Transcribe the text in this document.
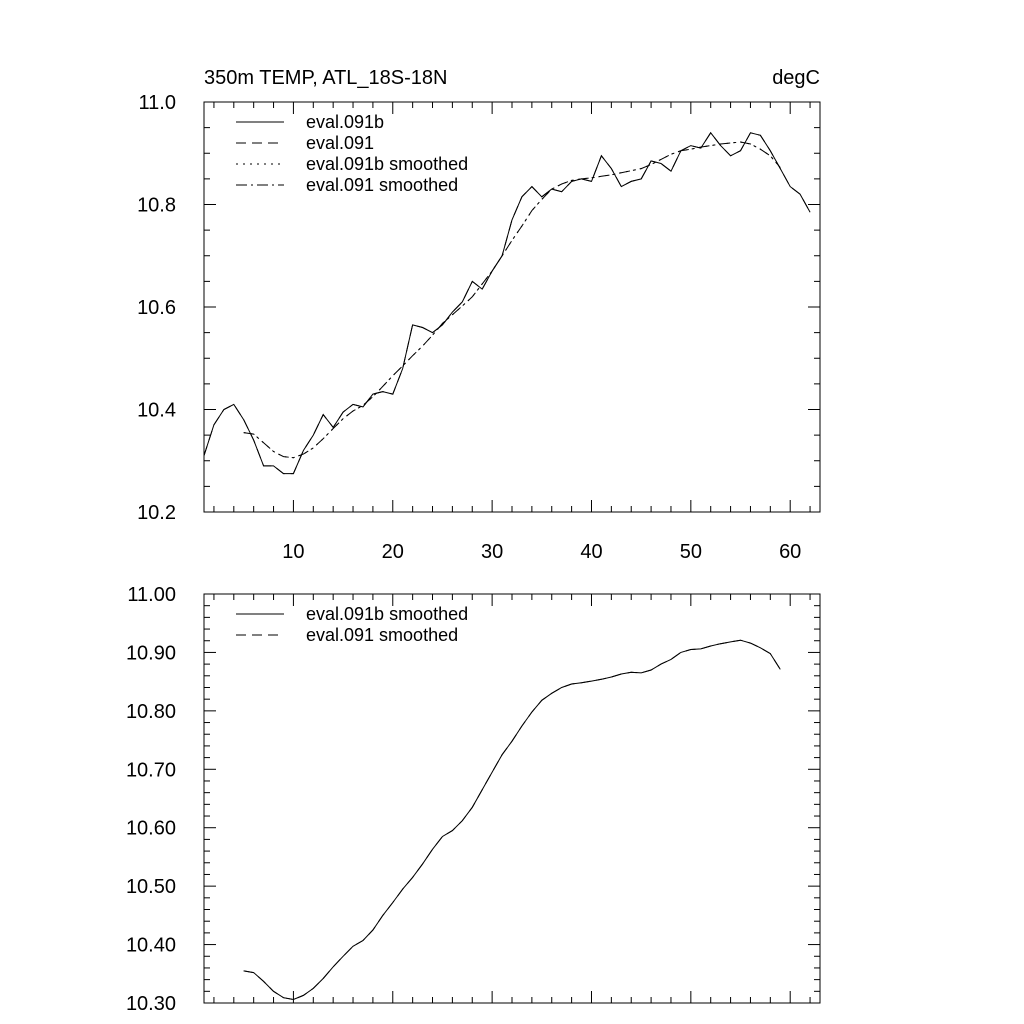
10	20	30	40	50	60
10.2
10.4
10.6
10.8
11.0
350m TEMP, ATL_18S-18N	degC
eval.091b
eval.091
eval.091b smoothed
eval.091 smoothed
10.30
10.40
10.50
10.60
10.70
10.80
10.90
11.00
eval.091b smoothed
eval.091 smoothed
